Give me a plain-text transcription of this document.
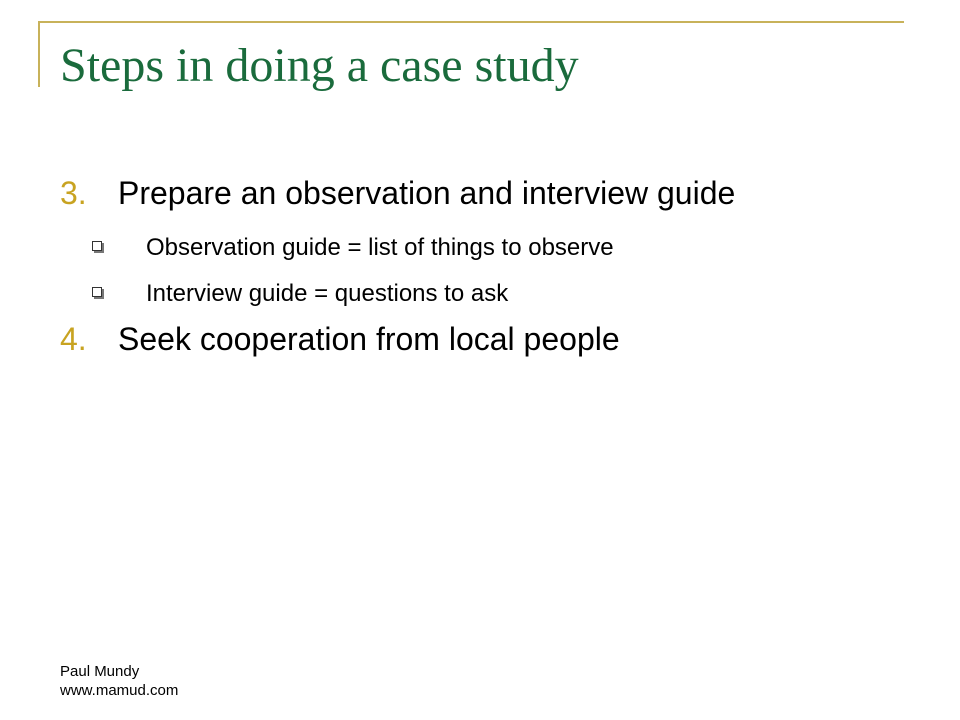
Steps in doing a case study
3. Prepare an observation and interview guide
Observation guide = list of things to observe
Interview guide = questions to ask
4. Seek cooperation from local people
Paul Mundy
www.mamud.com
